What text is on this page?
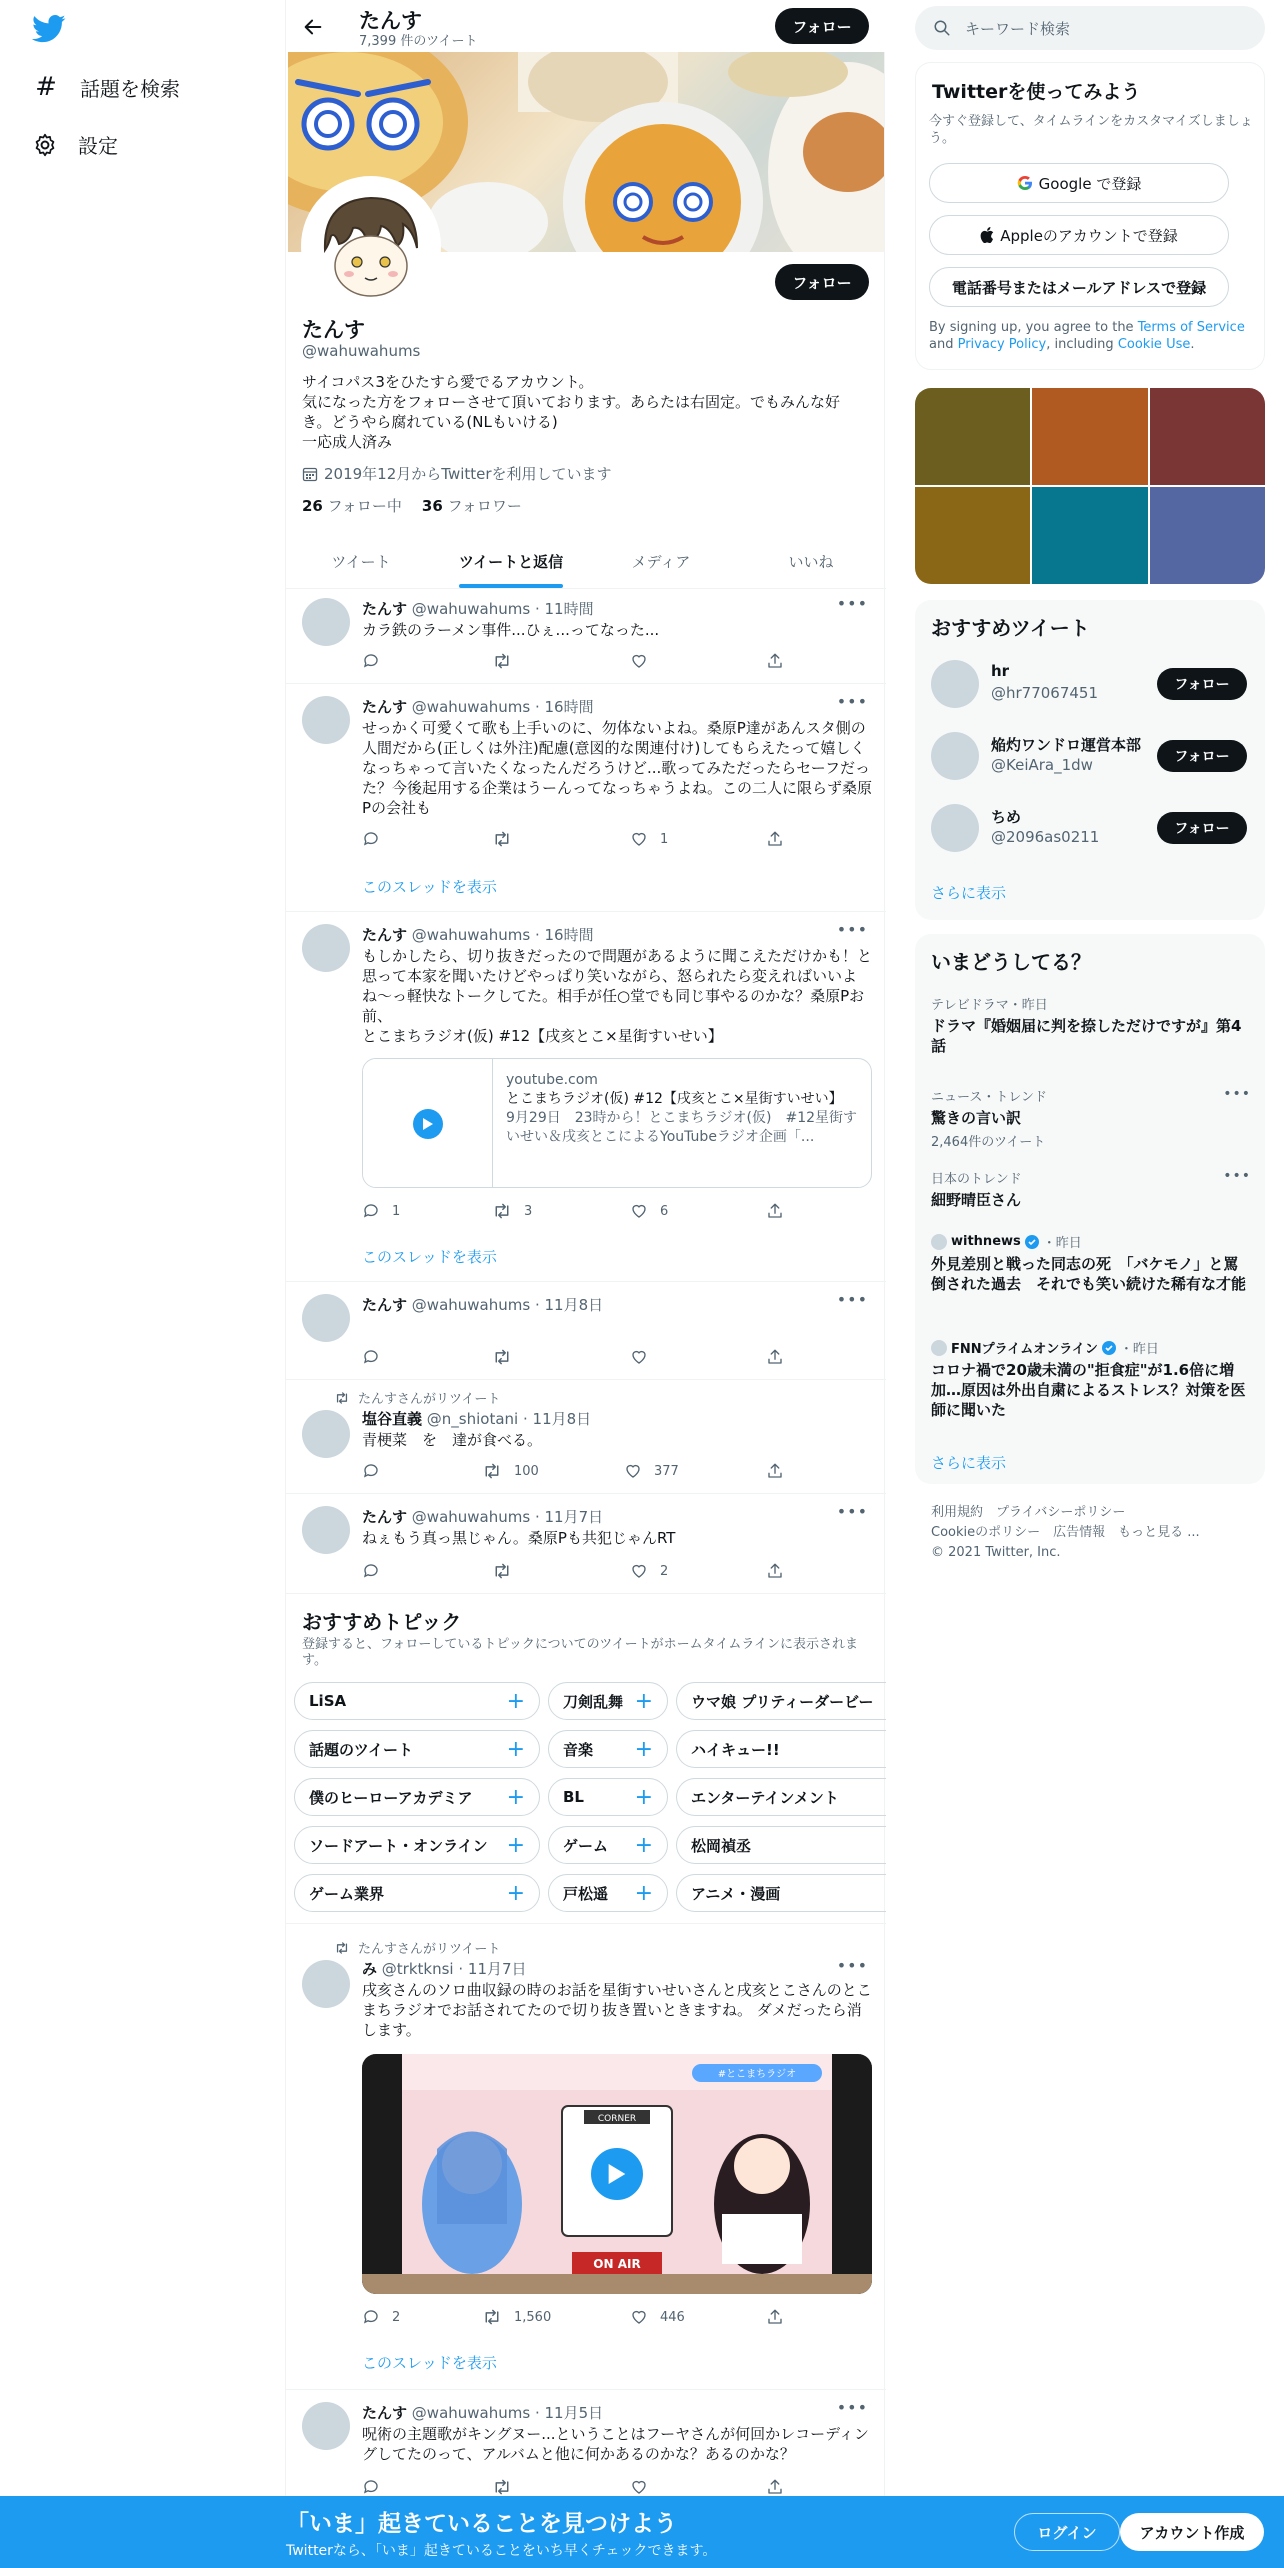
# 話題を検索
設定
たんす
7,399 件のツイート
フォロー
フォロー
たんす
@wahuwahums
サイコパス3をひたすら愛でるアカウント。
気になった方をフォローさせて頂いております。あらたは右固定。でもみんな好き。どうやら腐れている(NLもいける)
一応成人済み
2019年12月からTwitterを利用しています
26 フォロー中 36 フォロワー
ツイート	ツイートと返信	メディア	いいね
たんす @wahuwahums · 11時間	•••
カラ鉄のラーメン事件...ひぇ...ってなった...
たんす @wahuwahums · 16時間	•••
せっかく可愛くて歌も上手いのに、勿体ないよね。桑原P達があんスタ側の人間だから(正しくは外注)配慮(意図的な関連付け)してもらえたって嬉しくなっちゃって言いたくなったんだろうけど...歌ってみただったらセーフだった？今後起用する企業はうーんってなっちゃうよね。この二人に限らず桑原Pの会社も
1
このスレッドを表示
たんす @wahuwahums · 16時間	•••
もしかしたら、切り抜きだったので問題があるように聞こえただけかも！と思って本家を聞いたけどやっぱり笑いながら、怒られたら変えればいいよね〜っ軽快なトークしてた。相手が任○堂でも同じ事やるのかな？桑原Pお前、
とこまちラジオ(仮) #12【戌亥とこ×星街すいせい】
youtube.com
とこまちラジオ(仮) #12【戌亥とこ×星街すいせい】
9月29日　23時から！とこまちラジオ(仮)　#12星街すいせい＆戌亥とこによるYouTubeラジオ企画「...
1	3	6
このスレッドを表示
たんす @wahuwahums · 11月8日	•••
たんすさんがリツイート
塩谷直義 @n_shiotani · 11月8日
青梗菜　を　達が食べる。
100	377
たんす @wahuwahums · 11月7日	•••
ねぇもう真っ黒じゃん。桑原Pも共犯じゃんRT
2
おすすめトピック
登録すると、フォローしているトピックについてのツイートがホームタイムラインに表示されます。
LiSA	+	刀剣乱舞 +	ウマ娘 プリティーダービー
話題のツイート	+	音楽 +	ハイキュー!!
僕のヒーローアカデミア +	BL +	エンターテインメント
ソードアート・オンライン +	ゲーム +	松岡禎丞
ゲーム業界	+	戸松遥 +	アニメ・漫画
たんすさんがリツイート
み @trktknsi · 11月7日	•••
戌亥さんのソロ曲収録の時のお話を星街すいせいさんと戌亥とこさんのとこまちラジオでお話されてたので切り抜き置いときますね。 ダメだったら消します。
#とこまちラジオ
CORNER
ON AIR
2	1,560	446
このスレッドを表示
たんす @wahuwahums · 11月5日	•••
呪術の主題歌がキングヌー...ということはフーヤさんが何回かレコーディングしてたのって、アルバムと他に何かあるのかな？あるのかな？
キーワード検索
Twitterを使ってみよう
今すぐ登録して、タイムラインをカスタマイズしましょう。
Google で登録
Appleのアカウントで登録
電話番号またはメールアドレスで登録
By signing up, you agree to the Terms of Service and Privacy Policy, including Cookie Use.
おすすめツイート
hr
@hr77067451	フォロー
焔灼ワンドロ運営本部
@KeiAra_1dw	フォロー
ちめ
@2096as0211	フォロー
さらに表示
いまどうしてる？
テレビドラマ・昨日
ドラマ『婚姻届に判を捺しただけですが』第4話
ニュース・トレンド
驚きの言い訳
2,464件のツイート
•••
日本のトレンド
細野晴臣さん
•••
withnews ・昨日
外見差別と戦った同志の死　「バケモノ」と罵倒された過去　それでも笑い続けた稀有な才能
FNNプライムオンライン ・昨日
コロナ禍で20歳未満の"拒食症"が1.6倍に増加…原因は外出自粛によるストレス？対策を医師に聞いた
さらに表示
利用規約　プライバシーポリシー
Cookieのポリシー　広告情報　もっと見る ...
© 2021 Twitter, Inc.
「いま」起きていることを見つけよう
Twitterなら、「いま」起きていることをいち早くチェックできます。
ログイン	アカウント作成
